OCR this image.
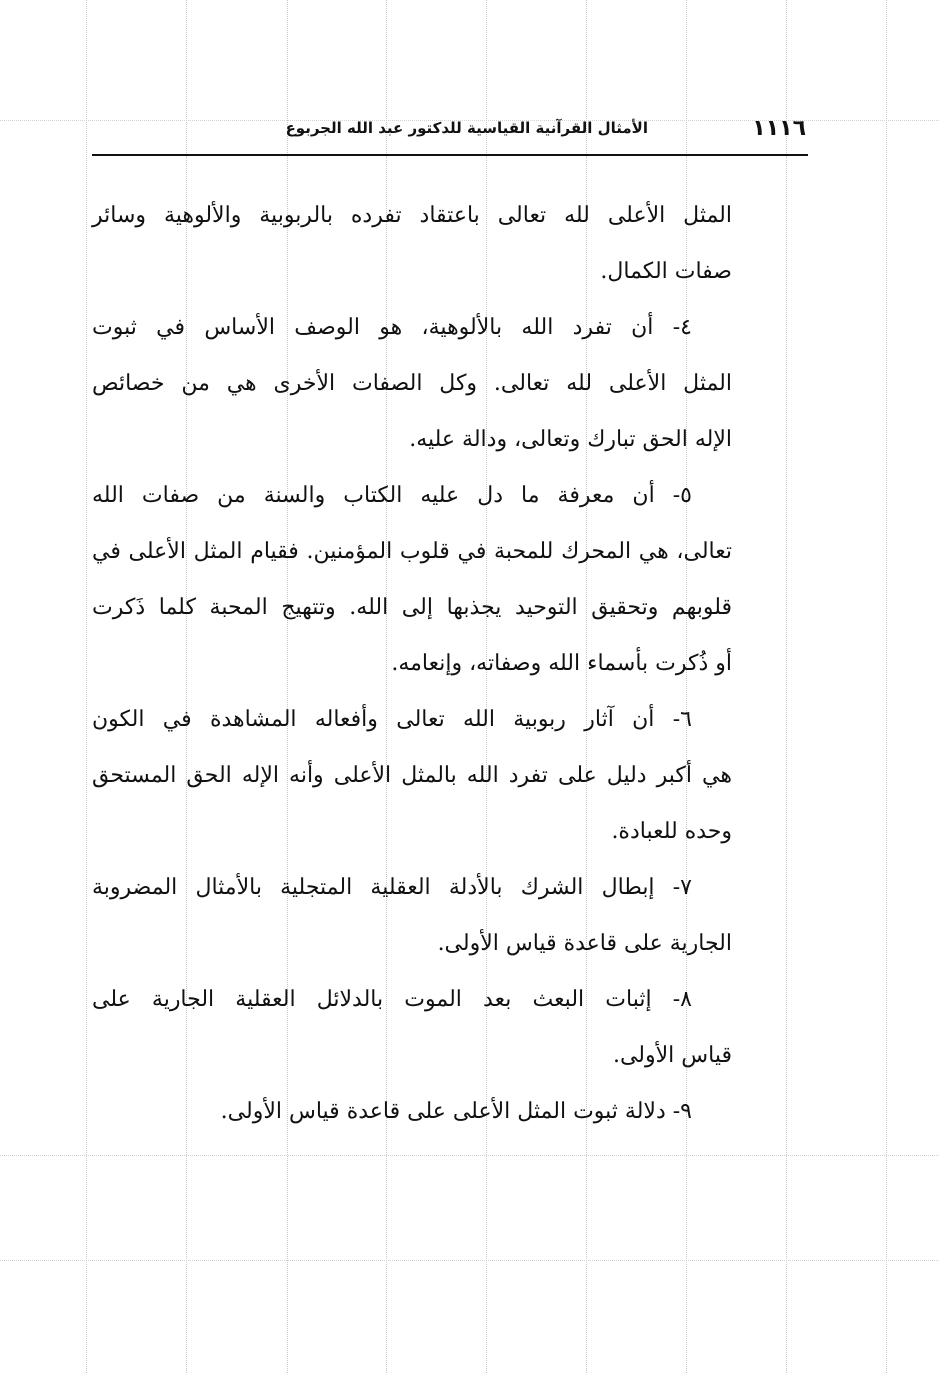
١١١٦
الأمثال القرآنية القياسية للدكتور عبد الله الجربوع
المثل الأعلى لله تعالى باعتقاد تفرده بالربوبية والألوهية وسائر
صفات الكمال.
٤- أن تفرد الله بالألوهية، هو الوصف الأساس في ثبوت
المثل الأعلى لله تعالى. وكل الصفات الأخرى هي من خصائص
الإله الحق تبارك وتعالى، ودالة عليه.
٥- أن معرفة ما دل عليه الكتاب والسنة من صفات الله
تعالى، هي المحرك للمحبة في قلوب المؤمنين. فقيام المثل الأعلى في
قلوبهم وتحقيق التوحيد يجذبها إلى الله. وتتهيج المحبة كلما ذَكرت
أو ذُكرت بأسماء الله وصفاته، وإنعامه.
٦- أن آثار ربوبية الله تعالى وأفعاله المشاهدة في الكون
هي أكبر دليل على تفرد الله بالمثل الأعلى وأنه الإله الحق المستحق
وحده للعبادة.
٧- إبطال الشرك بالأدلة العقلية المتجلية بالأمثال المضروبة
الجارية على قاعدة قياس الأولى.
٨- إثبات البعث بعد الموت بالدلائل العقلية الجارية على
قياس الأولى.
٩- دلالة ثبوت المثل الأعلى على قاعدة قياس الأولى.
